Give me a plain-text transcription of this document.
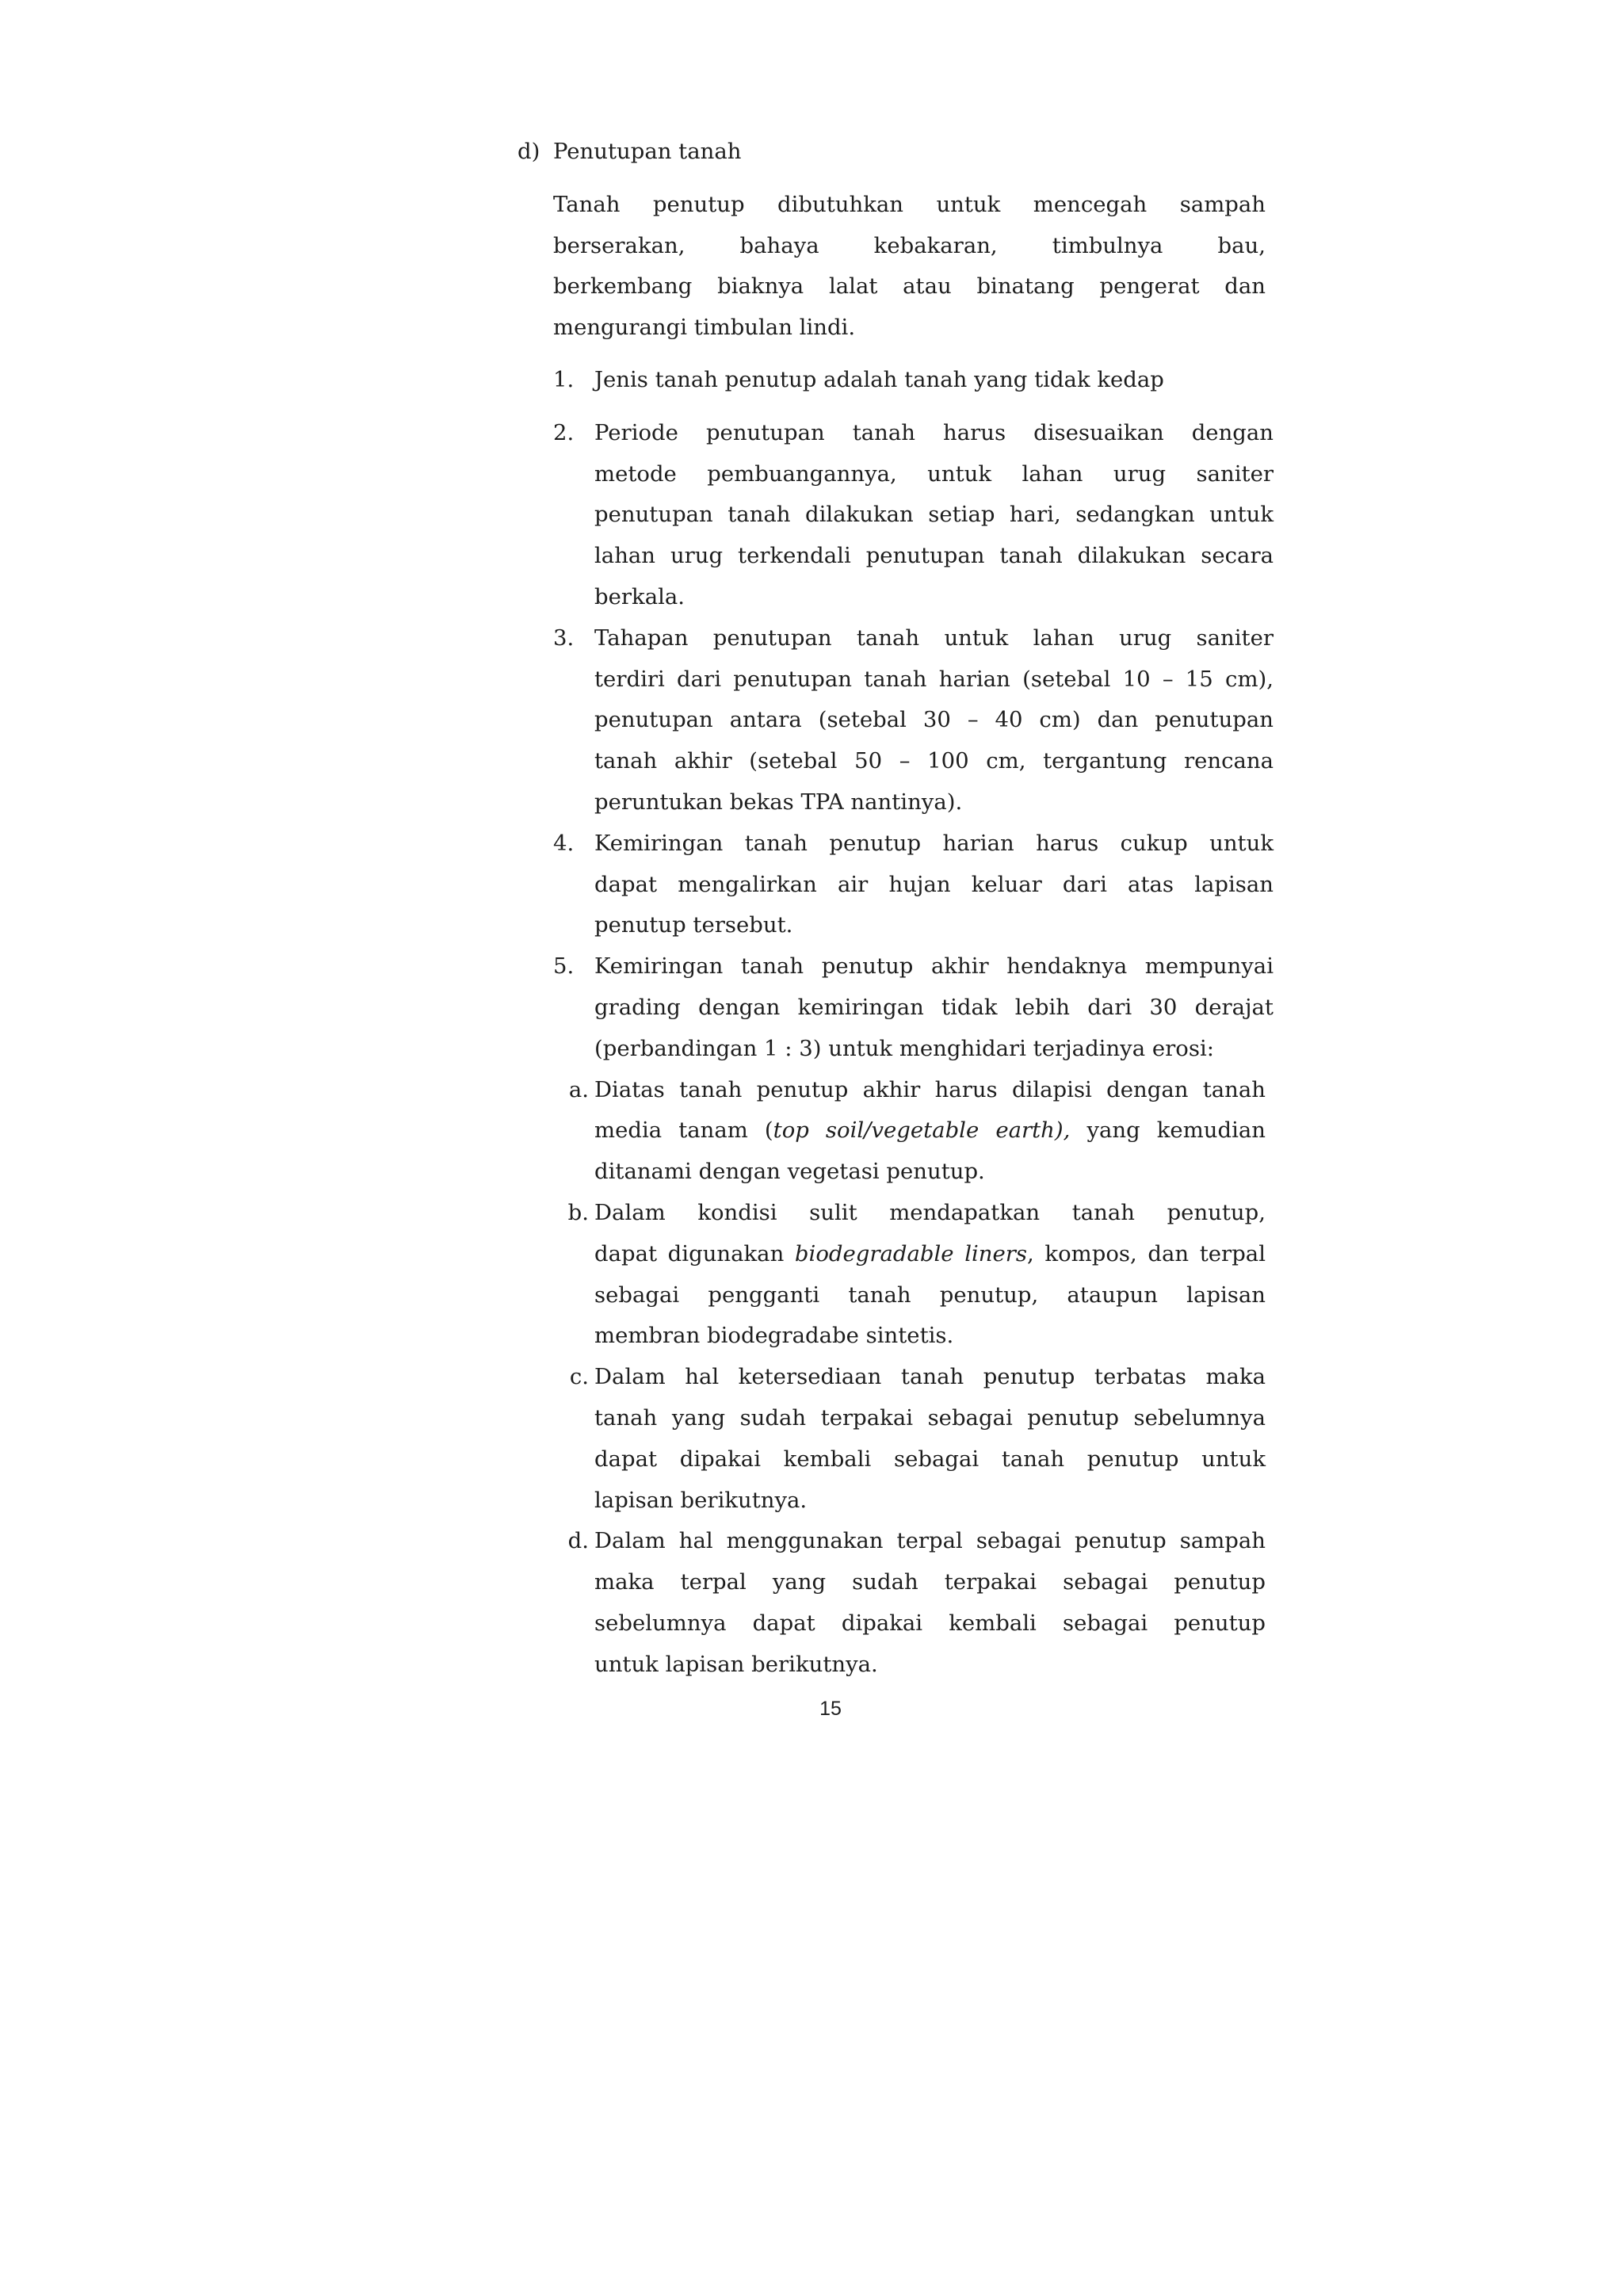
d) Penutupan tanah
Tanah penutup dibutuhkan untuk mencegah sampah
berserakan, bahaya kebakaran, timbulnya bau,
berkembang biaknya lalat atau binatang pengerat dan
mengurangi timbulan lindi.
1. Jenis tanah penutup adalah tanah yang tidak kedap
2. Periode penutupan tanah harus disesuaikan dengan
metode pembuangannya, untuk lahan urug saniter
penutupan tanah dilakukan setiap hari, sedangkan untuk
lahan urug terkendali penutupan tanah dilakukan secara
berkala.
3. Tahapan penutupan tanah untuk lahan urug saniter
terdiri dari penutupan tanah harian (setebal 10 – 15 cm),
penutupan antara (setebal 30 – 40 cm) dan penutupan
tanah akhir (setebal 50 – 100 cm, tergantung rencana
peruntukan bekas TPA nantinya).
4. Kemiringan tanah penutup harian harus cukup untuk
dapat mengalirkan air hujan keluar dari atas lapisan
penutup tersebut.
5. Kemiringan tanah penutup akhir hendaknya mempunyai
grading dengan kemiringan tidak lebih dari 30 derajat
(perbandingan 1 : 3) untuk menghidari terjadinya erosi:
a. Diatas tanah penutup akhir harus dilapisi dengan tanah
media tanam (top soil/vegetable earth), yang kemudian
ditanami dengan vegetasi penutup.
b. Dalam kondisi sulit mendapatkan tanah penutup,
dapat digunakan biodegradable liners, kompos, dan terpal
sebagai pengganti tanah penutup, ataupun lapisan
membran biodegradabe sintetis.
c. Dalam hal ketersediaan tanah penutup terbatas maka
tanah yang sudah terpakai sebagai penutup sebelumnya
dapat dipakai kembali sebagai tanah penutup untuk
lapisan berikutnya.
d. Dalam hal menggunakan terpal sebagai penutup sampah
maka terpal yang sudah terpakai sebagai penutup
sebelumnya dapat dipakai kembali sebagai penutup
untuk lapisan berikutnya.
15
